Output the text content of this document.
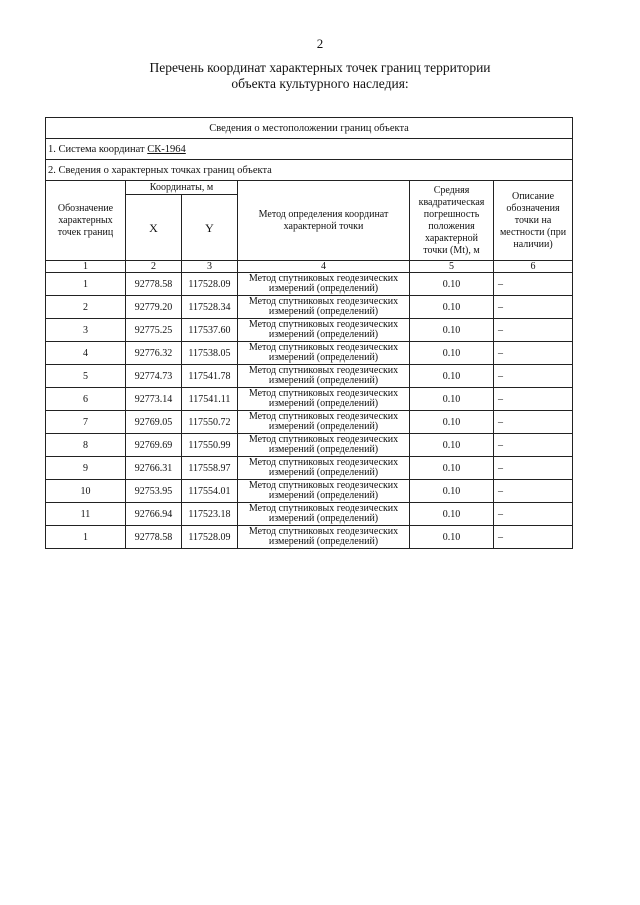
2
Перечень координат характерных точек границ территории
объекта культурного наследия:
Сведения о местоположении границ объекта					
1. Система координат СК-1964					
2. Сведения о характерных точках границ объекта					
Обозначение характерных точек границ	Координаты, м		Метод определения координат характерной точки	Средняя квадратическая погрешность положения характерной точки (Mt), м	Описание обозначения точки на местности (при наличии)
	X	Y			
1	2	3	4	5	6
1	92778.58	117528.09	Метод спутниковых геодезических измерений (определений)	0.10	–
2	92779.20	117528.34	Метод спутниковых геодезических измерений (определений)	0.10	–
3	92775.25	117537.60	Метод спутниковых геодезических измерений (определений)	0.10	–
4	92776.32	117538.05	Метод спутниковых геодезических измерений (определений)	0.10	–
5	92774.73	117541.78	Метод спутниковых геодезических измерений (определений)	0.10	–
6	92773.14	117541.11	Метод спутниковых геодезических измерений (определений)	0.10	–
7	92769.05	117550.72	Метод спутниковых геодезических измерений (определений)	0.10	–
8	92769.69	117550.99	Метод спутниковых геодезических измерений (определений)	0.10	–
9	92766.31	117558.97	Метод спутниковых геодезических измерений (определений)	0.10	–
10	92753.95	117554.01	Метод спутниковых геодезических измерений (определений)	0.10	–
11	92766.94	117523.18	Метод спутниковых геодезических измерений (определений)	0.10	–
1	92778.58	117528.09	Метод спутниковых геодезических измерений (определений)	0.10	–
